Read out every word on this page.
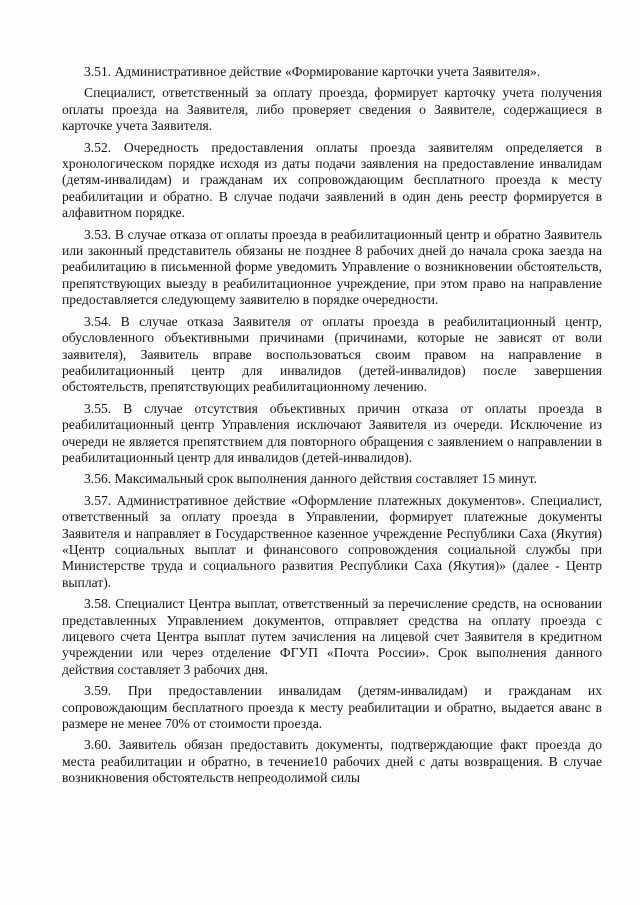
3.51. Административное действие «Формирование карточки учета Заявителя».

Специалист, ответственный за оплату проезда, формирует карточку учета получения оплаты проезда на Заявителя, либо проверяет сведения о Заявителе, содержащиеся в карточке учета Заявителя.

3.52. Очередность предоставления оплаты проезда заявителям определяется в хронологическом порядке исходя из даты подачи заявления на предоставление инвалидам (детям-инвалидам) и гражданам их сопровождающим бесплатного проезда к месту реабилитации и обратно. В случае подачи заявлений в один день реестр формируется в алфавитном порядке.

3.53. В случае отказа от оплаты проезда в реабилитационный центр и обратно Заявитель или законный представитель обязаны не позднее 8 рабочих дней до начала срока заезда на реабилитацию в письменной форме уведомить Управление о возникновении обстоятельств, препятствующих выезду в реабилитационное учреждение, при этом право на направление предоставляется следующему заявителю в порядке очередности.

3.54. В случае отказа Заявителя от оплаты проезда в реабилитационный центр, обусловленного объективными причинами (причинами, которые не зависят от воли заявителя), Заявитель вправе воспользоваться своим правом на направление в реабилитационный центр для инвалидов (детей-инвалидов) после завершения обстоятельств, препятствующих реабилитационному лечению.

3.55. В случае отсутствия объективных причин отказа от оплаты проезда в реабилитационный центр Управления исключают Заявителя из очереди. Исключение из очереди не является препятствием для повторного обращения с заявлением о направлении в реабилитационный центр для инвалидов (детей-инвалидов).

3.56. Максимальный срок выполнения данного действия составляет 15 минут.

3.57. Административное действие «Оформление платежных документов». Специалист, ответственный за оплату проезда в Управлении, формирует платежные документы Заявителя и направляет в Государственное казенное учреждение Республики Саха (Якутия) «Центр социальных выплат и финансового сопровождения социальной службы при Министерстве труда и социального развития Республики Саха (Якутия)» (далее - Центр выплат).

3.58. Специалист Центра выплат, ответственный за перечисление средств, на основании представленных Управлением документов, отправляет средства на оплату проезда с лицевого счета Центра выплат путем зачисления на лицевой счет Заявителя в кредитном учреждении или через отделение ФГУП «Почта России». Срок выполнения данного действия составляет 3 рабочих дня.

3.59. При предоставлении инвалидам (детям-инвалидам) и гражданам их сопровождающим бесплатного проезда к месту реабилитации и обратно, выдается аванс в размере не менее 70% от стоимости проезда.

3.60. Заявитель обязан предоставить документы, подтверждающие факт проезда до места реабилитации и обратно, в течение10 рабочих дней с даты возвращения. В случае возникновения обстоятельств непреодолимой силы
